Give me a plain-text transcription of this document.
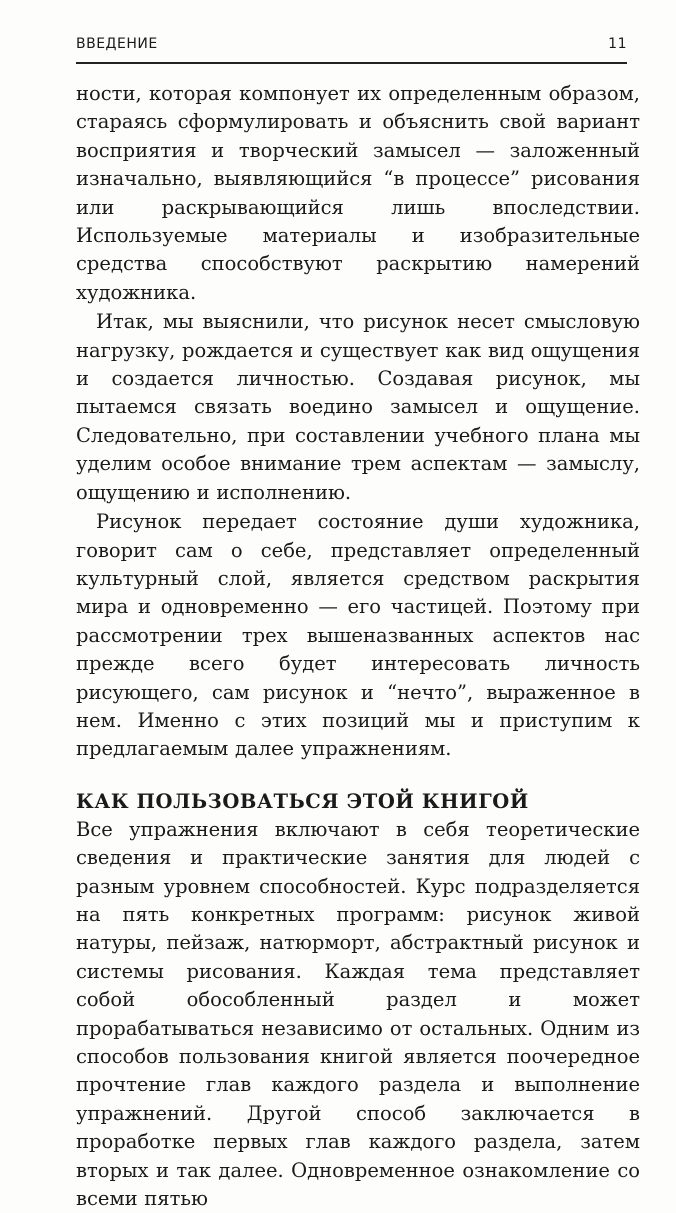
ВВЕДЕНИЕ	11

ности, которая компонует их определенным образом, стараясь сформулировать и объяснить свой вариант восприятия и творческий замысел — заложенный изначально, выявляющийся “в процессе” рисования или раскрывающийся лишь впоследствии. Используемые материалы и изобразительные средства способствуют раскрытию намерений художника.

Итак, мы выяснили, что рисунок несет смысловую нагрузку, рождается и существует как вид ощущения и создается личностью. Создавая рисунок, мы пытаемся связать воедино замысел и ощущение. Следовательно, при составлении учебного плана мы уделим особое внимание трем аспектам — замыслу, ощущению и исполнению.

Рисунок передает состояние души художника, говорит сам о себе, представляет определенный культурный слой, является средством раскрытия мира и одновременно — его частицей. Поэтому при рассмотрении трех вышеназванных аспектов нас прежде всего будет интересовать личность рисующего, сам рисунок и “нечто”, выраженное в нем. Именно с этих позиций мы и приступим к предлагаемым далее упражнениям.

КАК ПОЛЬЗОВАТЬСЯ ЭТОЙ КНИГОЙ

Все упражнения включают в себя теоретические сведения и практические занятия для людей с разным уровнем способностей. Курс подразделяется на пять конкретных программ: рисунок живой натуры, пейзаж, натюрморт, абстрактный рисунок и системы рисования. Каждая тема представляет собой обособленный раздел и может прорабатываться независимо от остальных. Одним из способов пользования книгой является поочередное прочтение глав каждого раздела и выполнение упражнений. Другой способ заключается в проработке первых глав каждого раздела, затем вторых и так далее. Одновременное ознакомление со всеми пятью
